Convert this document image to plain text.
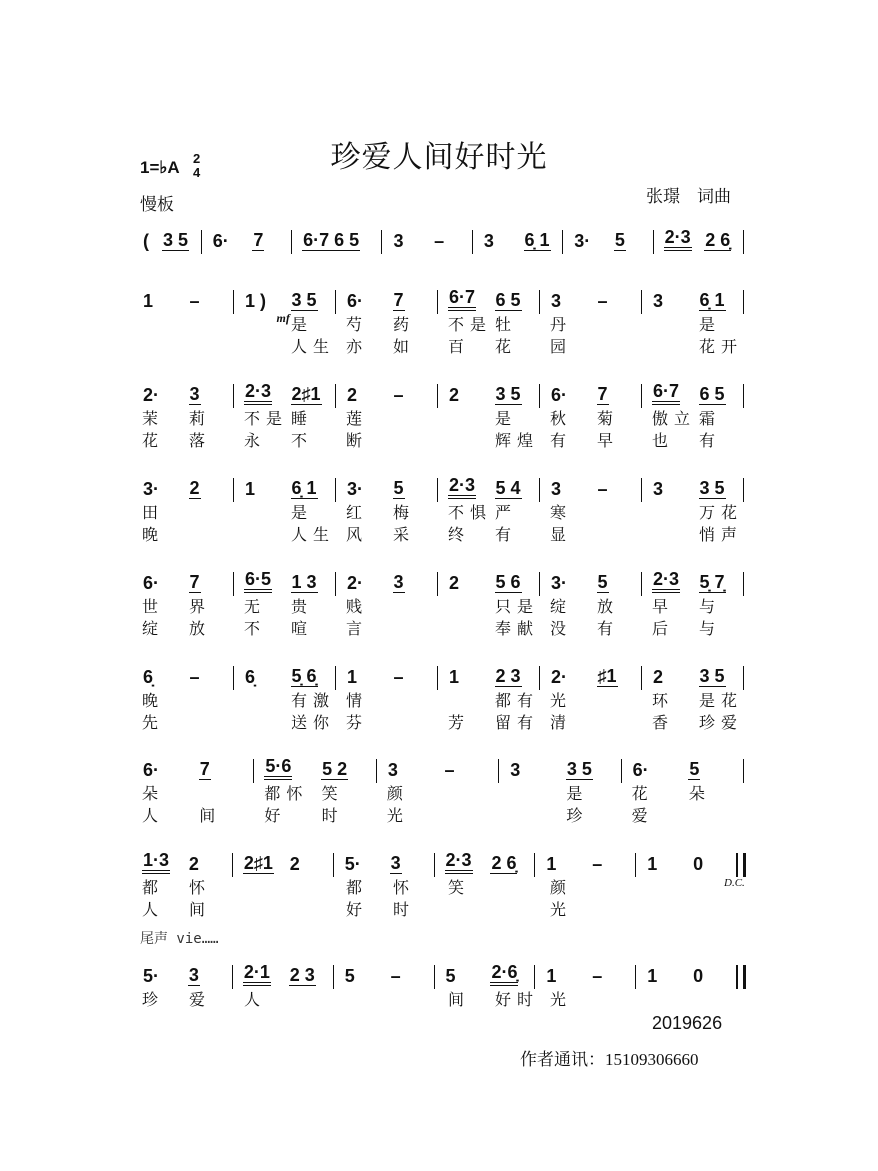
珍爱人间好时光
1=♭A 2
4
慢板	张璟　词曲
( 3 5 6· 7 6·7 6 5 3 – 3 6̣ 1 3· 5 2·3 2 6̣
1 –	1 ) 3 5
mf
6· 7	6·7 6 5 3 –	3 6̣ 1
是	芍	药	不是 牡	丹	是
人生 亦	如	百	花	园	花开
2· 3	2·3 2♯1 2 –	2 3 5 6· 7	6·7 6 5
茉	莉	不是 睡	莲	是	秋	菊	傲立 霜
花	落	永	不	断	辉煌 有	早	也	有
3· 2	1 6̣ 1 3· 5	2·3 5 4 3 –	3 3 5
田	是	红	梅	不惧 严	寒	万花
晚	人生 风	采	终	有	显	悄声
6· 7	6·5 1 3 2· 3	2 5 6 3· 5	2·3 5̣ 7̣
世	界	无	贵	贱	只是 绽	放	早	与
绽	放	不	喧	言	奉献 没	有	后	与
6̣ –	6̣ 5̣ 6̣ 1 –	1 2 3 2· ♯1 2 3 5
晚	有激 情	都有 光	环	是花
先	送你 芬	芳	留有 清	香	珍爱
6· 7	5·6 5 2 3	–	3	3 5 6· 5
朵	都怀 笑	颜	是	花	朵
人	间	好	时	光	珍	爱
1·3 2 2♯1 2 5· 3 2·3 2 6̣ 1 – 1 0
都	怀	都	怀	笑	颜
人	间	好	时	光
5· 3 2·1 2 3 5 – 5 2·6̣ 1 – 1 0
珍	爱	人	间	好时 光
D.C.
尾声 vie……
2019626
作者通讯：15109306660
